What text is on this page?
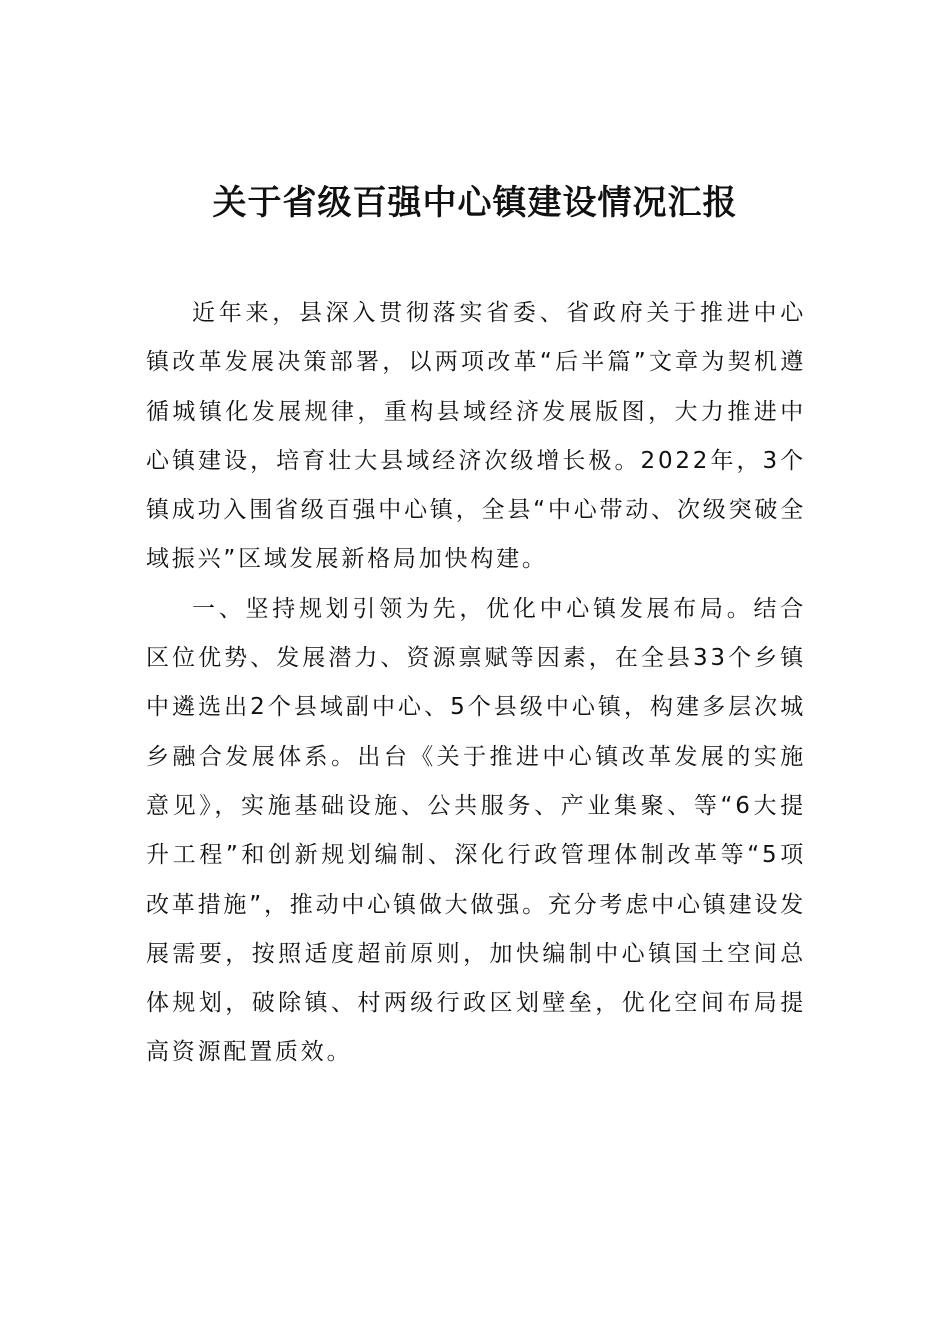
关于省级百强中心镇建设情况汇报

近年来，县深入贯彻落实省委、省政府关于推进中心镇改革发展决策部署，以两项改革“后半篇”文章为契机遵循城镇化发展规律，重构县域经济发展版图，大力推进中心镇建设，培育壮大县域经济次级增长极。2022年，3个镇成功入围省级百强中心镇，全县“中心带动、次级突破全域振兴”区域发展新格局加快构建。

一、坚持规划引领为先，优化中心镇发展布局。结合区位优势、发展潜力、资源禀赋等因素，在全县33个乡镇中遴选出2个县域副中心、5个县级中心镇，构建多层次城乡融合发展体系。出台《关于推进中心镇改革发展的实施意见》，实施基础设施、公共服务、产业集聚、等“6大提升工程”和创新规划编制、深化行政管理体制改革等“5项改革措施”，推动中心镇做大做强。充分考虑中心镇建设发展需要，按照适度超前原则，加快编制中心镇国土空间总体规划，破除镇、村两级行政区划壁垒，优化空间布局提高资源配置质效。
